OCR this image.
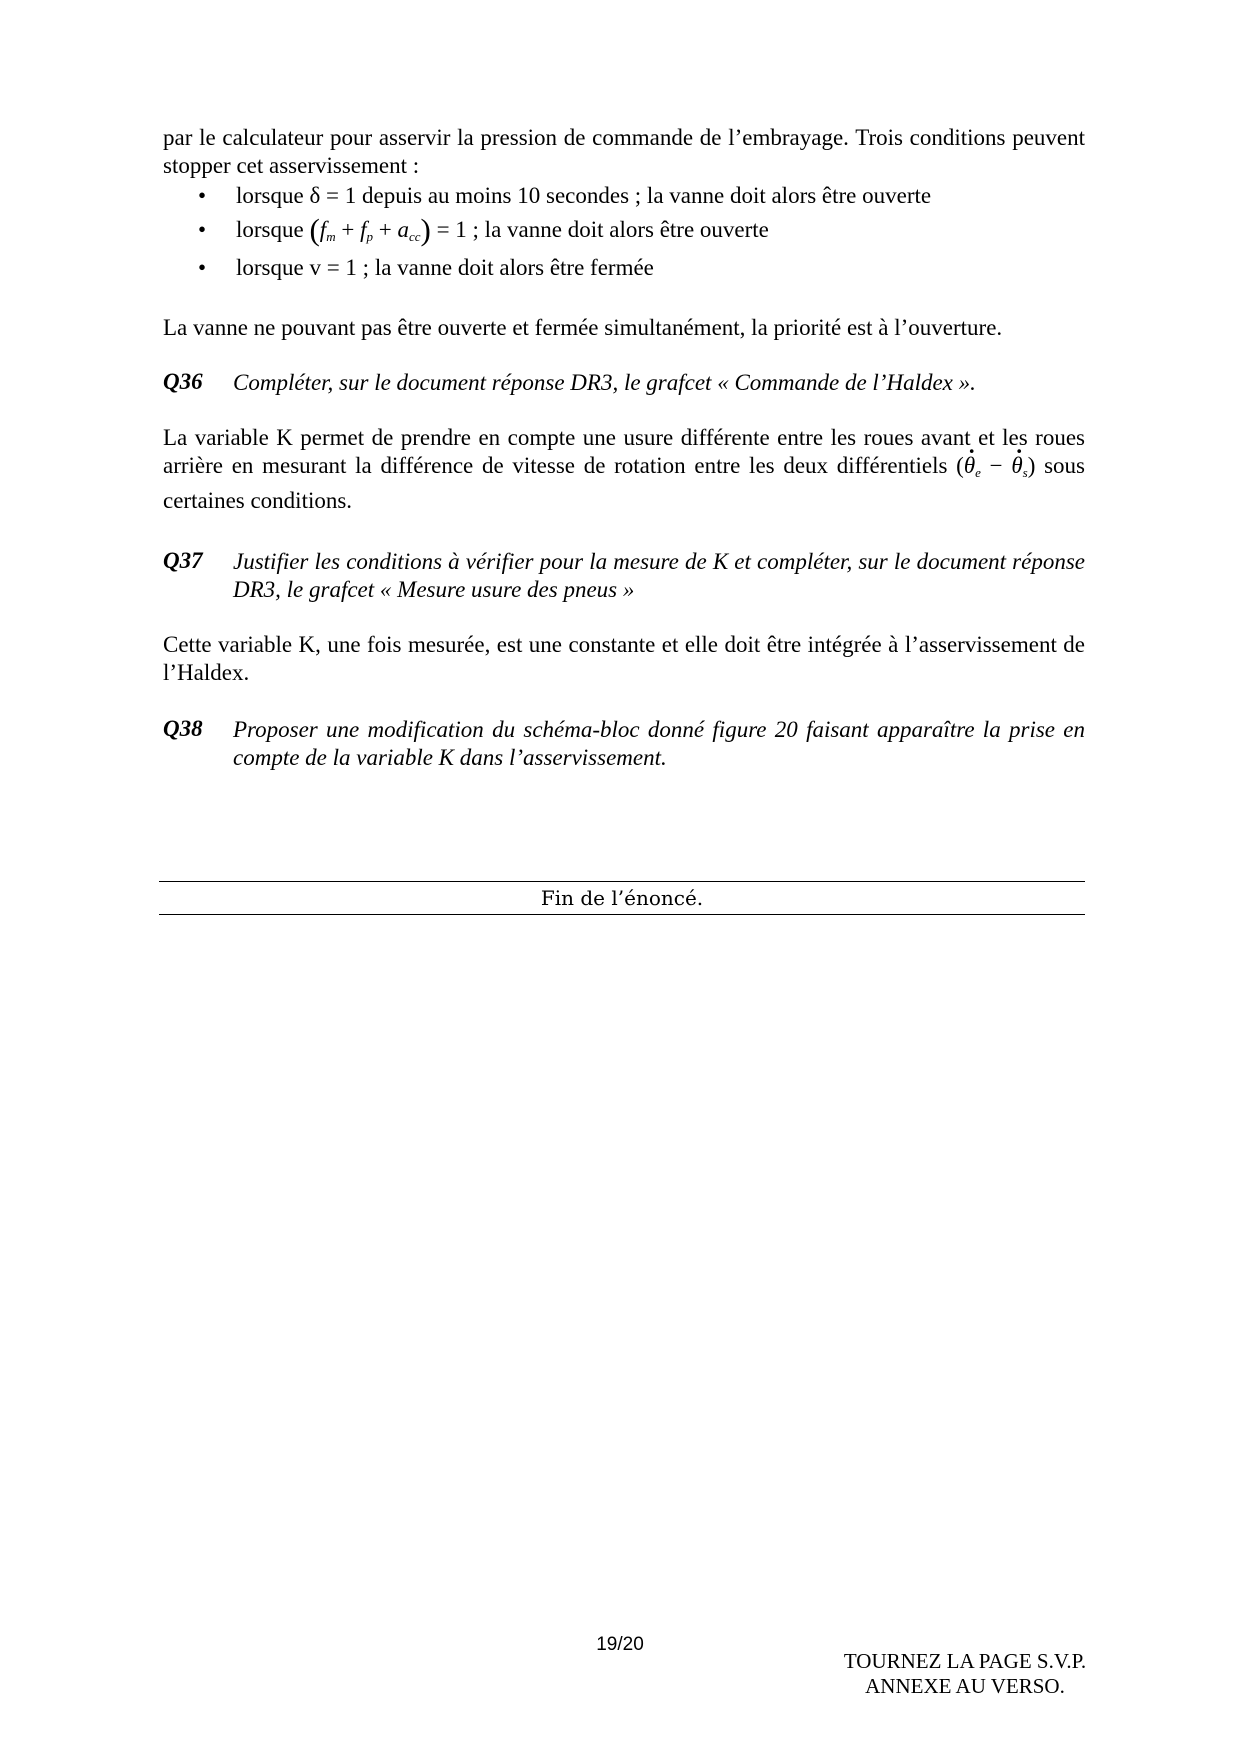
par le calculateur pour asservir la pression de commande de l’embrayage. Trois conditions peuvent stopper cet asservissement :

• lorsque δ = 1 depuis au moins 10 secondes ; la vanne doit alors être ouverte
• lorsque $(f_m + f_p + a_{cc}) = 1$ ; la vanne doit alors être ouverte
• lorsque v = 1 ; la vanne doit alors être fermée

La vanne ne pouvant pas être ouverte et fermée simultanément, la priorité est à l’ouverture.

Q36 Compléter, sur le document réponse DR3, le grafcet « Commande de l’Haldex ».

La variable K permet de prendre en compte une usure différente entre les roues avant et les roues arrière en mesurant la différence de vitesse de rotation entre les deux différentiels (· $\theta_e$ − · $\theta_s$) sous certaines conditions.

Q37 Justifier les conditions à vérifier pour la mesure de K et compléter, sur le document réponse DR3, le grafcet « Mesure usure des pneus »

Cette variable K, une fois mesurée, est une constante et elle doit être intégrée à l’asservissement de l’Haldex.

Q38 Proposer une modification du schéma-bloc donné figure 20 faisant apparaître la prise en compte de la variable K dans l’asservissement.
Fin de l’énoncé.
19/20
TOURNEZ LA PAGE S.V.P.
ANNEXE AU VERSO.
